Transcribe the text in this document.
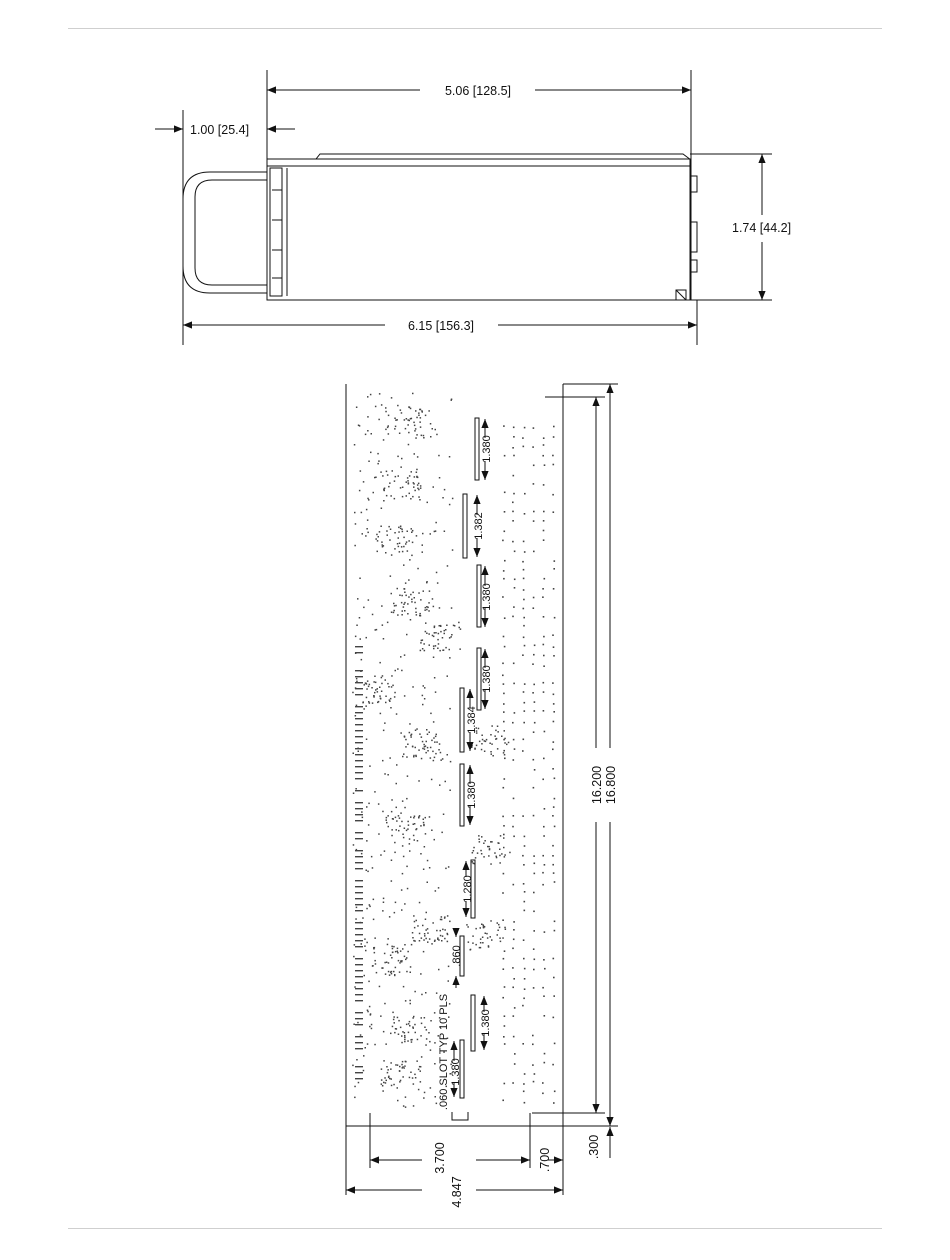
5.06 [128.5]
1.00 [25.4]
6.15 [156.3]
1.74 [44.2]
1.380
1.382
1.380
1.380
1.384
1.380
1.280
.860
1.380
1.380
.060 SLOT TYP 10 PLS
16.200 16.800
3.700
4.847
.700
.300
